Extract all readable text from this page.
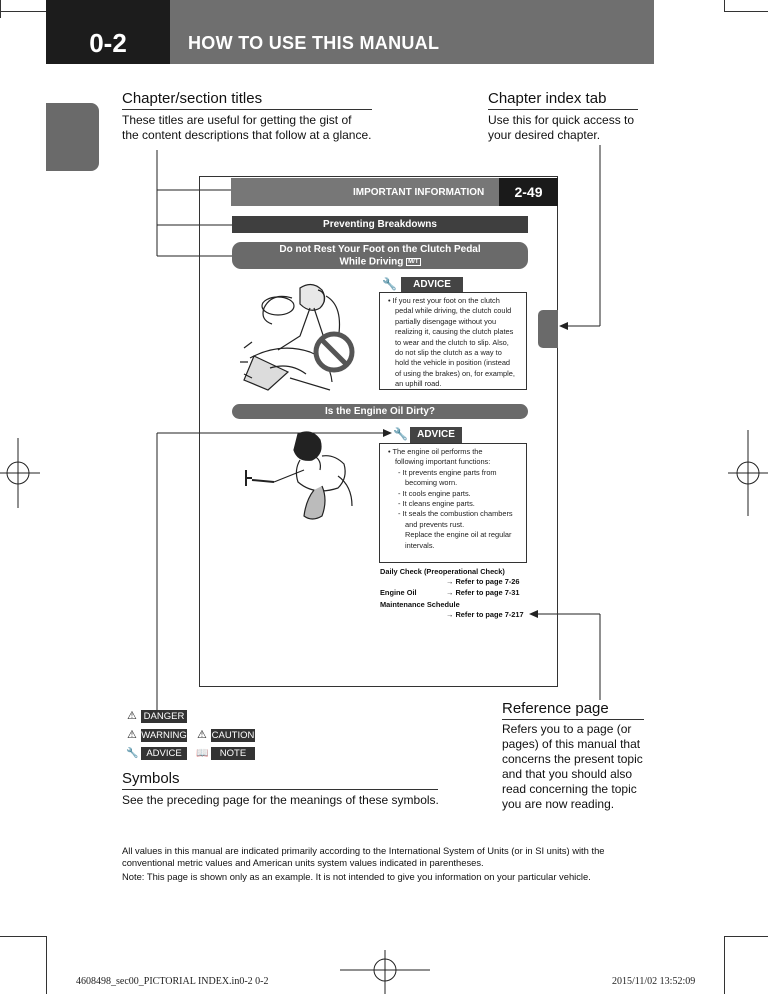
0-2	HOW TO USE THIS MANUAL
Chapter/section titles
These titles are useful for getting the gist of
the content descriptions that follow at a glance.
Chapter index tab
Use this for quick access to
your desired chapter.
IMPORTANT INFORMATION	2-49
Preventing Breakdowns
Do not Rest Your Foot on the Clutch Pedal
While Driving M/T
Is the Engine Oil Dirty?
🔧	ADVICE
• If you rest your foot on the clutch
pedal while driving, the clutch could
partially disengage without you
realizing it, causing the clutch plates
to wear and the clutch to slip. Also,
do not slip the clutch as a way to
hold the vehicle in position (instead
of using the brakes) on, for example,
an uphill road.
🔧 ADVICE
• The engine oil performs the
following important functions:
- It prevents engine parts from
becoming worn.
- It cools engine parts.
- It cleans engine parts.
- It seals the combustion chambers
and prevents rust.
Replace the engine oil at regular
intervals.
Daily Check (Preoperational Check)
→ Refer to page 7-26
Engine Oil	→ Refer to page 7-31
Maintenance Schedule
→ Refer to page 7-217
Reference page
Refers you to a page (or
pages) of this manual that
concerns the present topic
and that you should also
read concerning the topic
you are now reading.
⚠ DANGER
⚠ WARNING ⚠ CAUTION
🔧 ADVICE	📖	NOTE
Symbols
See the preceding page for the meanings of these symbols.
All values in this manual are indicated primarily according to the International System of Units (or in SI units) with the
conventional metric values and American units system values indicated in parentheses.
Note: This page is shown only as an example. It is not intended to give you information on your particular vehicle.
4608498_sec00_PICTORIAL INDEX.in0-2 0-2	2015/11/02 13:52:09
